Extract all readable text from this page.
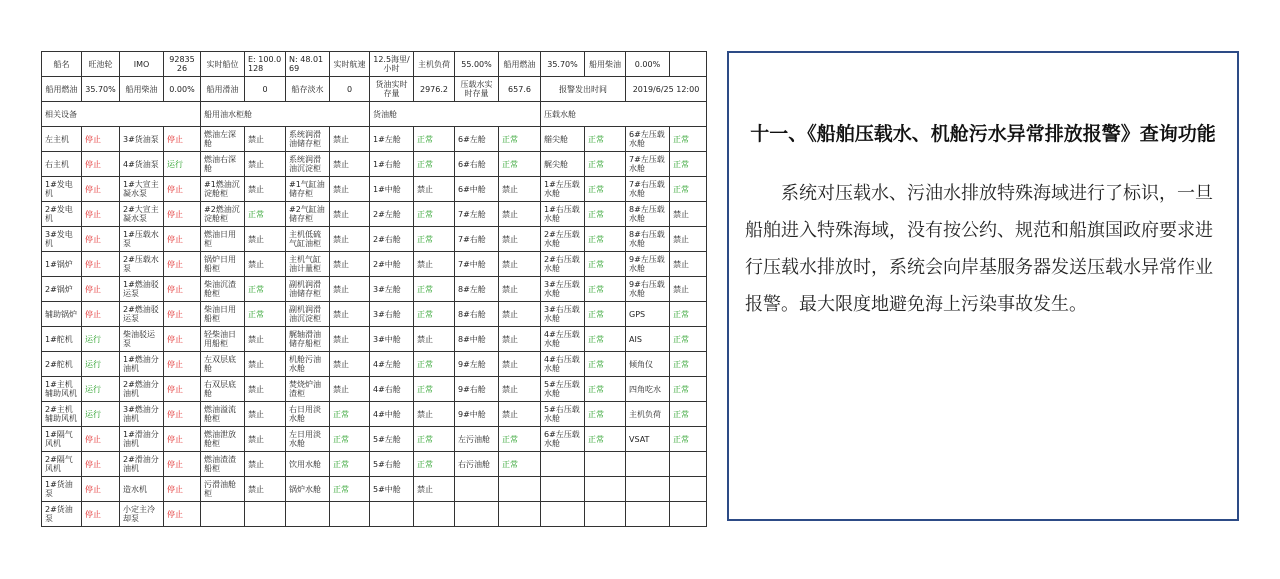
船名	旺池轮	IMO	9283526	实时船位	E: 100.0128	N: 48.0169	实时航速	12.5海里/小时	主机负荷	55.00%	船用燃油	35.70%	船用柴油	0.00%	
船用燃油	35.70%	船用柴油	0.00%	船用滑油	0	船存淡水	0	货油实时存量	2976.2	压载水实时存量	657.6	报警发出时间		2019/6/25 12:00	
相关设备				船用油水柜舱				货油舱				压载水舱			
左主机	停止	3#货油泵	停止	燃油左深舱	禁止	系统润滑油储存柜	禁止	1#左舱	正常	6#左舱	正常	艏尖舱	正常	6#左压载水舱	正常
右主机	停止	4#货油泵	运行	燃油右深舱	禁止	系统润滑油沉淀柜	禁止	1#右舱	正常	6#右舱	正常	艉尖舱	正常	7#左压载水舱	正常
1#发电机	停止	1#大宣主凝水泵	停止	#1燃油沉淀舱柜	禁止	#1气缸油储存柜	禁止	1#中舱	禁止	6#中舱	禁止	1#左压载水舱	正常	7#右压载水舱	正常
2#发电机	停止	2#大宣主凝水泵	停止	#2燃油沉淀舱柜	正常	#2气缸油储存柜	禁止	2#左舱	正常	7#左舱	禁止	1#右压载水舱	正常	8#左压载水舱	禁止
3#发电机	停止	1#压载水泵	停止	燃油日用柜	禁止	主机低硫气缸油柜	禁止	2#右舱	正常	7#右舱	禁止	2#左压载水舱	正常	8#右压载水舱	禁止
1#锅炉	停止	2#压载水泵	停止	锅炉日用船柜	禁止	主机气缸油计量柜	禁止	2#中舱	禁止	7#中舱	禁止	2#右压载水舱	正常	9#左压载水舱	禁止
2#锅炉	停止	1#燃油驳运泵	停止	柴油沉渣舱柜	正常	副机润滑油储存柜	禁止	3#左舱	正常	8#左舱	禁止	3#左压载水舱	正常	9#右压载水舱	禁止
辅助锅炉	停止	2#燃油驳运泵	停止	柴油日用船柜	正常	副机润滑油沉淀柜	禁止	3#右舱	正常	8#右舱	禁止	3#右压载水舱	正常	GPS	正常
1#舵机	运行	柴油驳运泵	停止	轻柴油日用船柜	禁止	艉轴滑油储存船柜	禁止	3#中舱	禁止	8#中舱	禁止	4#左压载水舱	正常	AIS	正常
2#舵机	运行	1#燃油分油机	停止	左双层底舱	禁止	机舱污油水舱	禁止	4#左舱	正常	9#左舱	禁止	4#右压载水舱	正常	倾角仪	正常
1#主机辅助风机	运行	2#燃油分油机	停止	右双层底舱	禁止	焚烧炉油渣柜	禁止	4#右舱	正常	9#右舱	禁止	5#左压载水舱	正常	四角吃水	正常
2#主机辅助风机	运行	3#燃油分油机	停止	燃油溢流舱柜	禁止	右日用淡水舱	正常	4#中舱	禁止	9#中舱	禁止	5#右压载水舱	正常	主机负荷	正常
1#隔气风机	停止	1#滑油分油机	停止	燃油泄放舱柜	禁止	左日用淡水舱	正常	5#左舱	正常	左污油舱	正常	6#左压载水舱	正常	VSAT	正常
2#隔气风机	停止	2#滑油分油机	停止	燃油渣渣船柜	禁止	饮用水舱	正常	5#右舱	正常	右污油舱	正常				
1#货油泵	停止	造水机	停止	污滑油舱柜	禁止	锅炉水舱	正常	5#中舱	禁止						
2#货油泵	停止	小定主冷却泵	停止												
十一、《船舶压载水、机舱污水异常排放报警》查询功能
系统对压载水、污油水排放特殊海域进行了标识，一旦船舶进入特殊海域，没有按公约、规范和船旗国政府要求进行压载水排放时，系统会向岸基服务器发送压载水异常作业报警。最大限度地避免海上污染事故发生。
